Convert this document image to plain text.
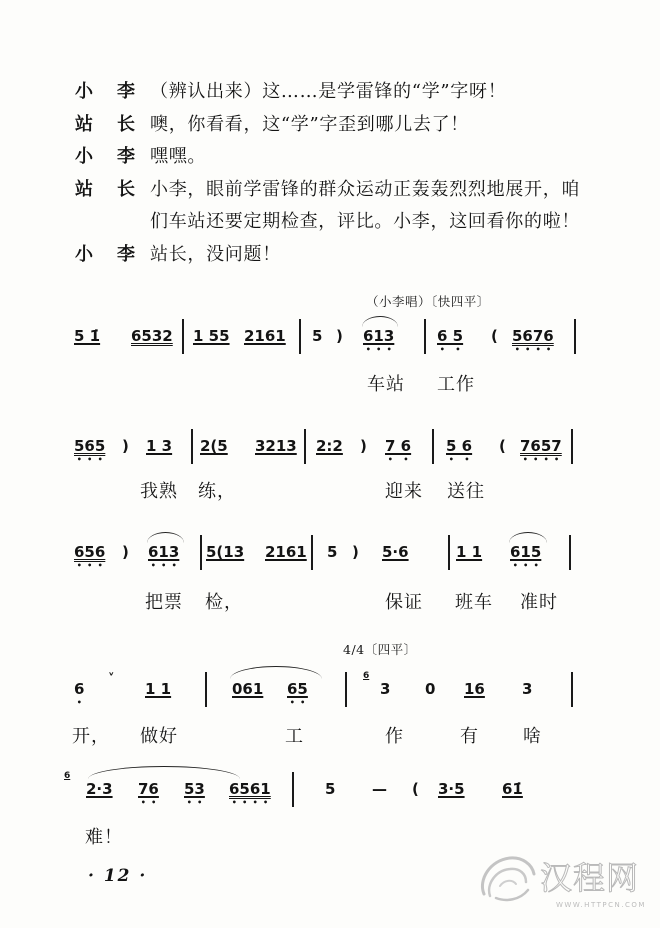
小 李 （辨认出来）这……是学雷锋的“学”字呀！
站 长 噢，你看看，这“学”字歪到哪儿去了！
小 李 嘿嘿。
站 长 小李，眼前学雷锋的群众运动正轰轰烈烈地展开，咱
们车站还要定期检查，评比。小李，这回看你的啦！
小 李 站长，没问题！
（小李唱）〔快四平〕
5 1̇ 6532 1 55 2161 5 ) 613	6 5 ( 5676
车站 工作
565 ) 1 3 2(5 3213 2:2 ) 7 6 5 6 ( 7657
我熟 练，	迎来 送往
656 ) 613 5(13 2161 5 ) 5·6	1 1 615
把票 检，	保证 班车 准时
4/4〔四平〕
6
˅
1 1	061 65
6
3 0 16 3
开， 做好	工	作	有 啥
6
2·3 76 53 6561	5 — ( 3·5 61̇
难！
· 12 ·	汉程网
WWW.HTTPCN.COM
